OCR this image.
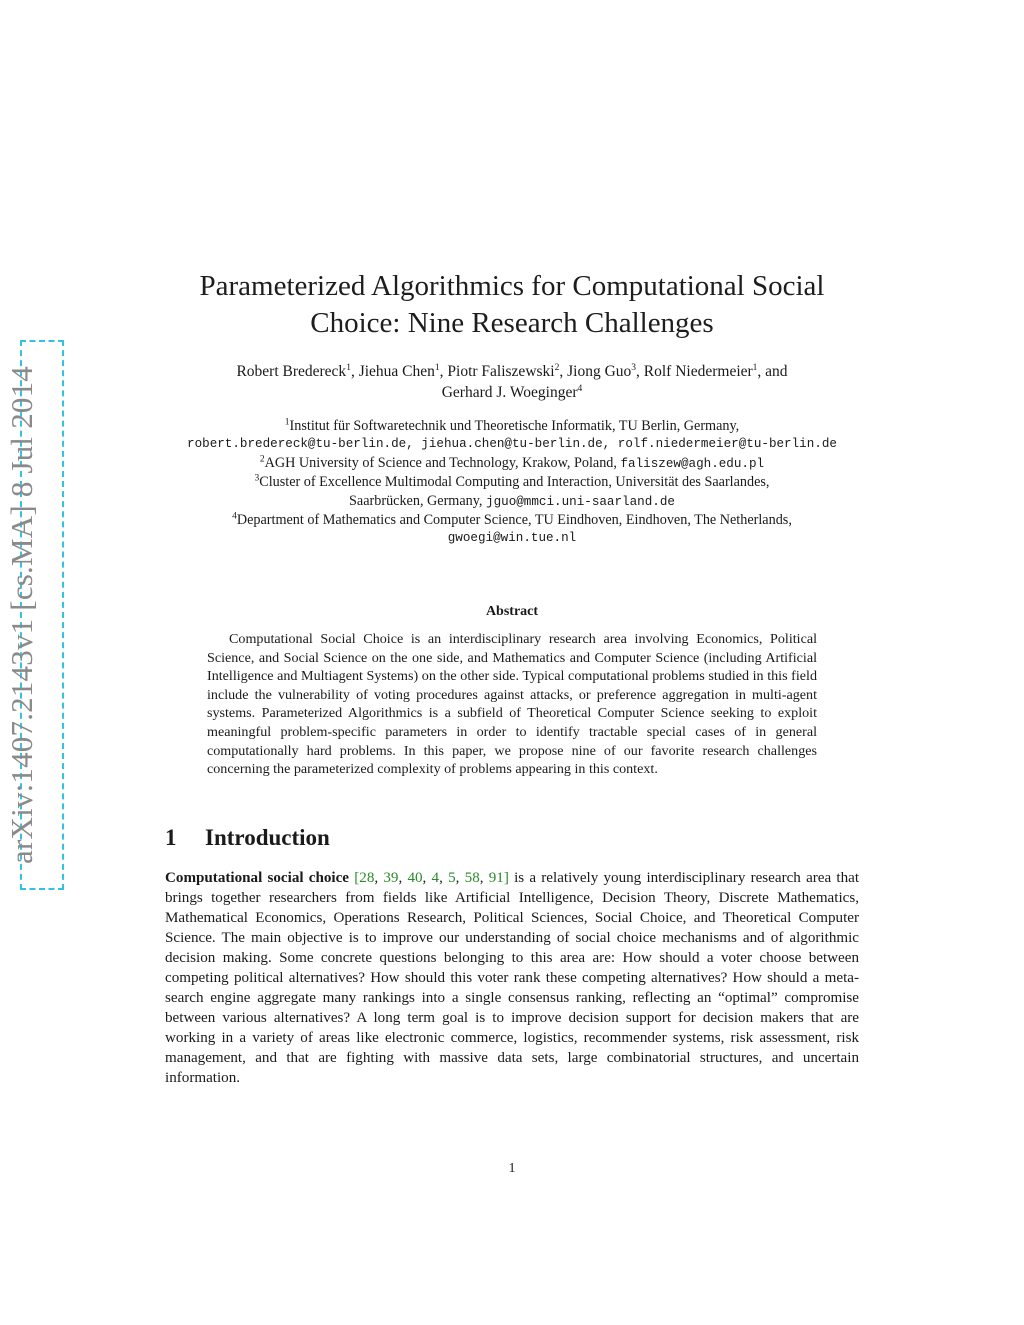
arXiv:1407.2143v1 [cs.MA] 8 Jul 2014
Parameterized Algorithmics for Computational Social
Choice: Nine Research Challenges
Robert Bredereck$^1$, Jiehua Chen$^1$, Piotr Faliszewski$^2$, Jiong Guo$^3$, Rolf Niedermeier$^1$, and
Gerhard J. Woeginger$^4$
$^1$Institut für Softwaretechnik und Theoretische Informatik, TU Berlin, Germany,
robert.bredereck@tu-berlin.de, jiehua.chen@tu-berlin.de, rolf.niedermeier@tu-berlin.de
$^2$AGH University of Science and Technology, Krakow, Poland, faliszew@agh.edu.pl
$^3$Cluster of Excellence Multimodal Computing and Interaction, Universität des Saarlandes,
Saarbrücken, Germany, jguo@mmci.uni-saarland.de
$^4$Department of Mathematics and Computer Science, TU Eindhoven, Eindhoven, The Netherlands,
gwoegi@win.tue.nl
Abstract
Computational Social Choice is an interdisciplinary research area involving Economics, Political Science, and Social Science on the one side, and Mathematics and Computer Science (including Artificial Intelligence and Multiagent Systems) on the other side. Typical computational problems studied in this field include the vulnerability of voting procedures against attacks, or preference aggregation in multi-agent systems. Parameterized Algorithmics is a subfield of Theoretical Computer Science seeking to exploit meaningful problem-specific parameters in order to identify tractable special cases of in general computationally hard problems. In this paper, we propose nine of our favorite research challenges concerning the parameterized complexity of problems appearing in this context.
1 Introduction
Computational social choice [28, 39, 40, 4, 5, 58, 91] is a relatively young interdisciplinary research area that brings together researchers from fields like Artificial Intelligence, Decision Theory, Discrete Mathematics, Mathematical Economics, Operations Research, Political Sciences, Social Choice, and Theoretical Computer Science. The main objective is to improve our understanding of social choice mechanisms and of algorithmic decision making. Some concrete questions belonging to this area are: How should a voter choose between competing political alternatives? How should this voter rank these competing alternatives? How should a meta-search engine aggregate many rankings into a single consensus ranking, reflecting an “optimal” compromise between various alternatives? A long term goal is to improve decision support for decision makers that are working in a variety of areas like electronic commerce, logistics, recommender systems, risk assessment, risk management, and that are fighting with massive data sets, large combinatorial structures, and uncertain information.
1
